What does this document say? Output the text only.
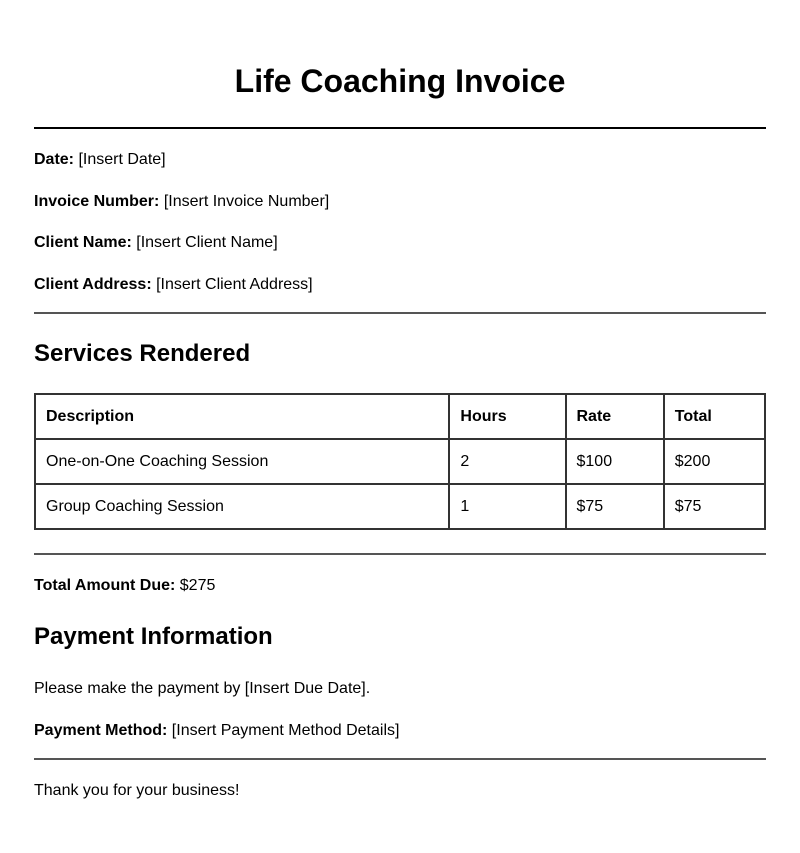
Life Coaching Invoice

Date: [Insert Date]

Invoice Number: [Insert Invoice Number]

Client Name: [Insert Client Name]

Client Address: [Insert Client Address]

Services Rendered
Description	Hours	Rate	Total
One-on-One Coaching Session	2	$100	$200
Group Coaching Session	1	$75	$75

Total Amount Due: $275

Payment Information

Please make the payment by [Insert Due Date].

Payment Method: [Insert Payment Method Details]

Thank you for your business!
